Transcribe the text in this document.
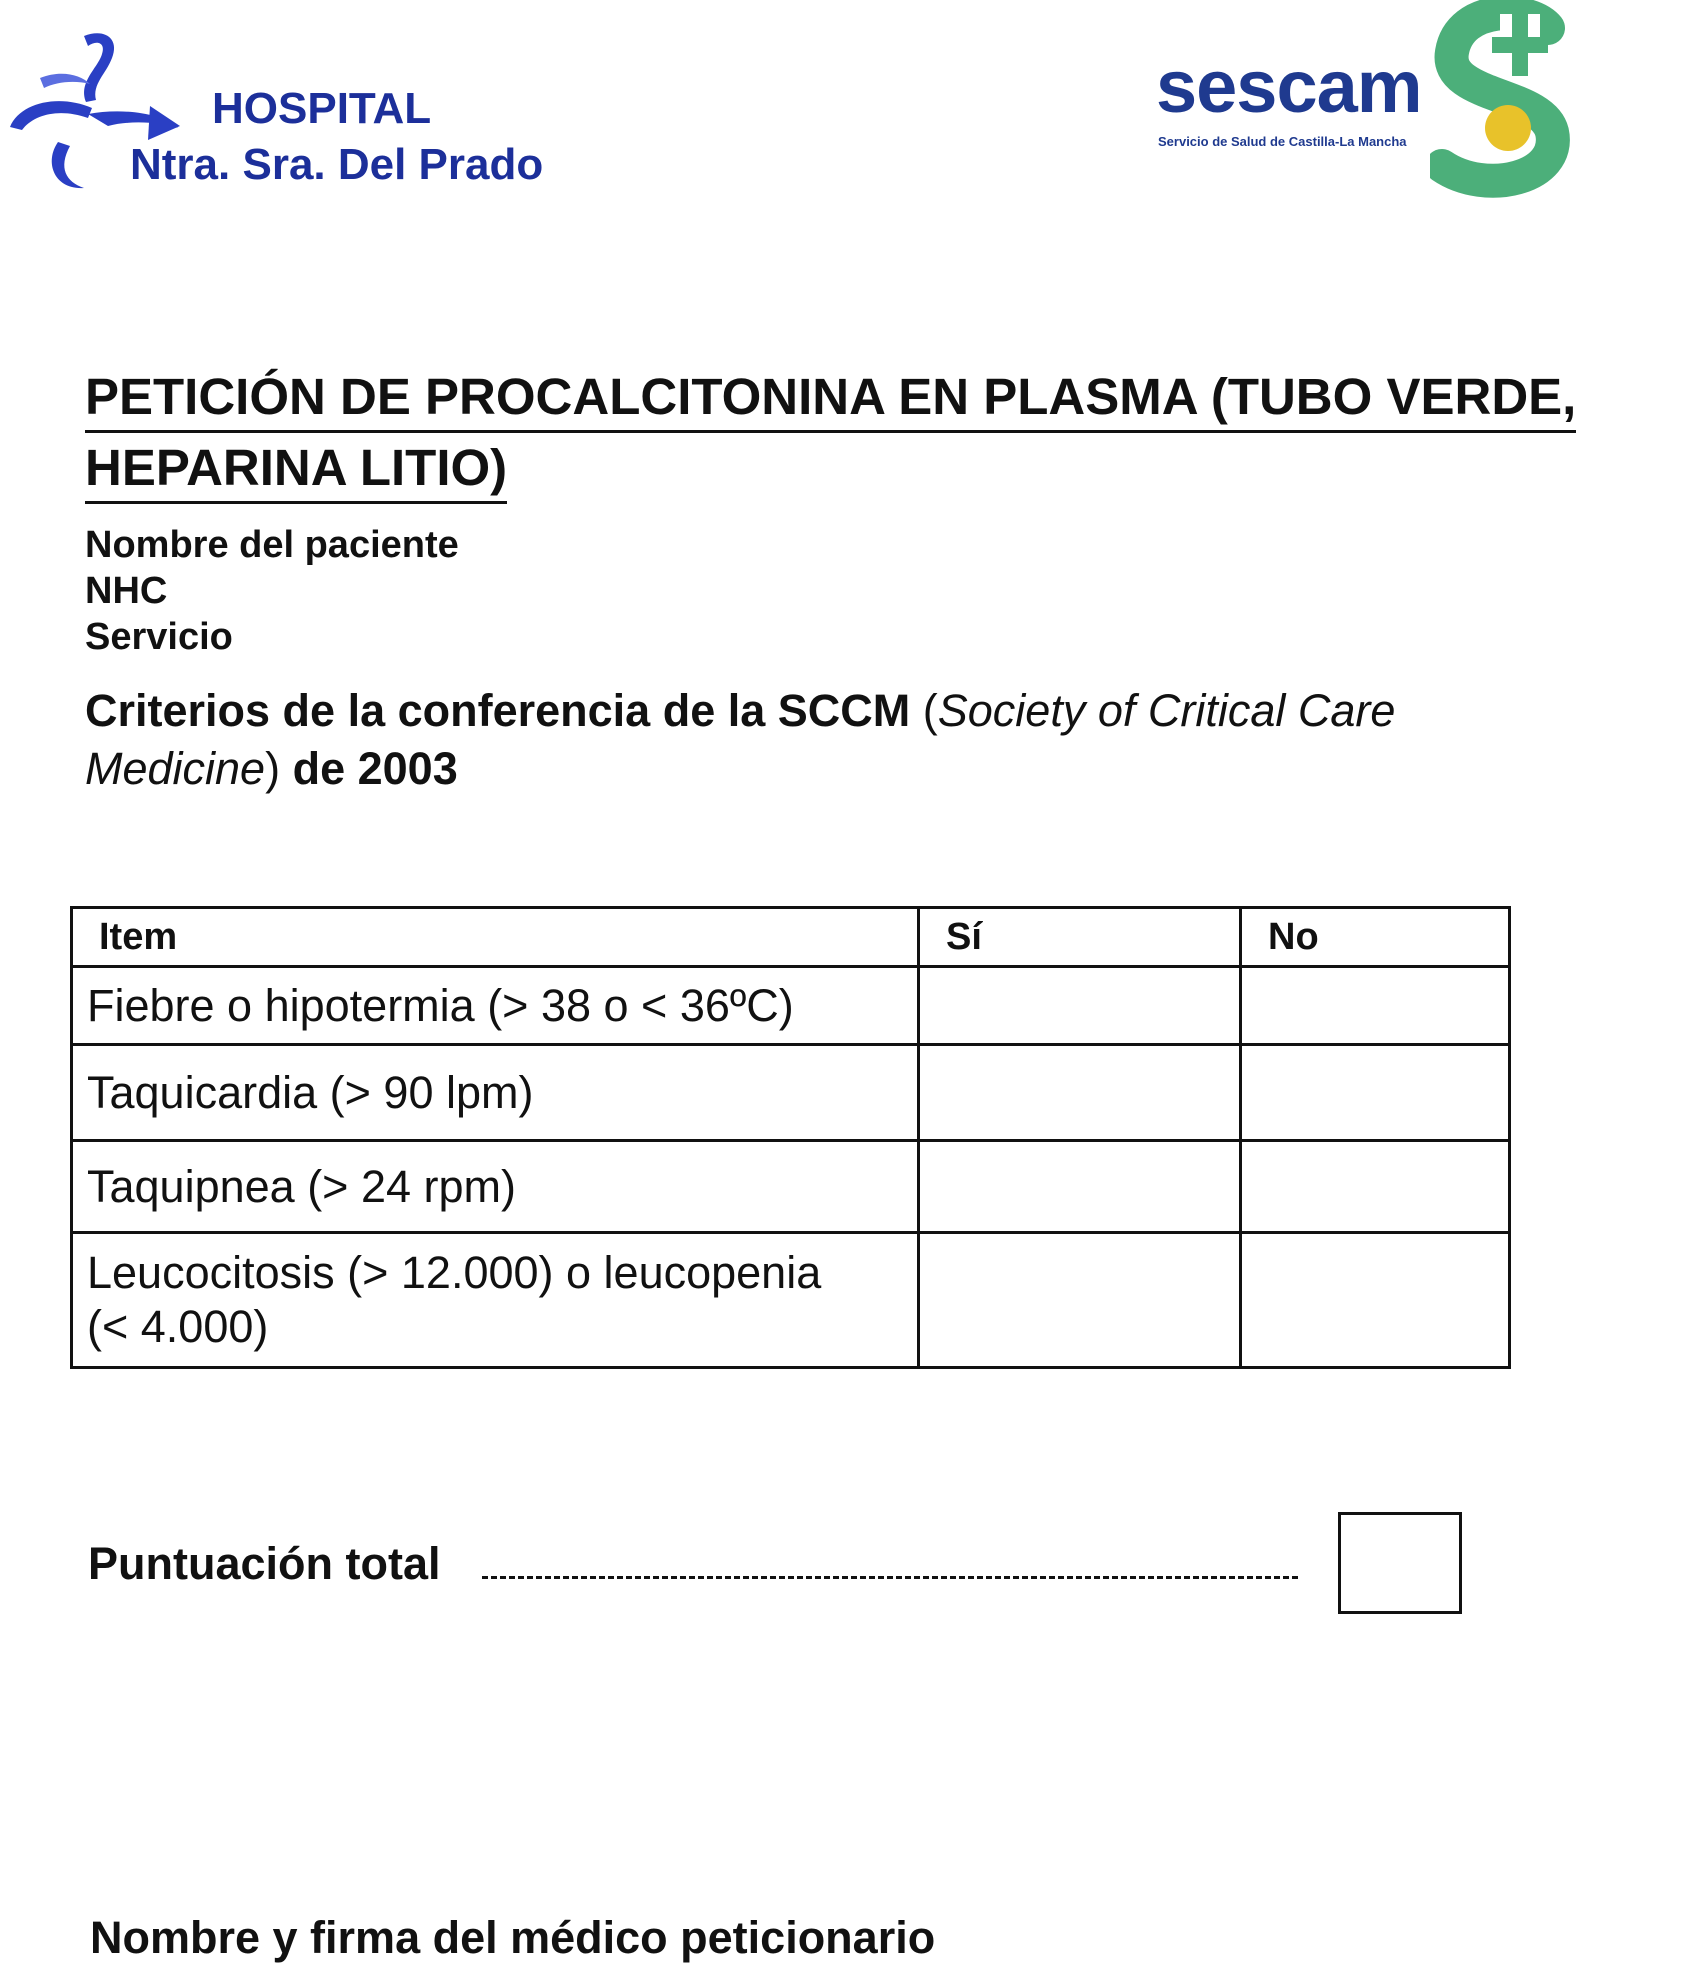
HOSPITAL
Ntra. Sra. Del Prado
sescam
Servicio de Salud de Castilla-La Mancha
PETICIÓN DE PROCALCITONINA EN PLASMA (TUBO VERDE,
HEPARINA LITIO)
Nombre del paciente
NHC
Servicio
Criterios de la conferencia de la SCCM (Society of Critical Care Medicine) de 2003
Item	Sí	No
Fiebre o hipotermia (> 38 o < 36ºC)		
Taquicardia (> 90 lpm)		
Taquipnea (> 24 rpm)		
Leucocitosis (> 12.000) o leucopenia
(< 4.000)		
Puntuación total
Nombre y firma del médico peticionario
